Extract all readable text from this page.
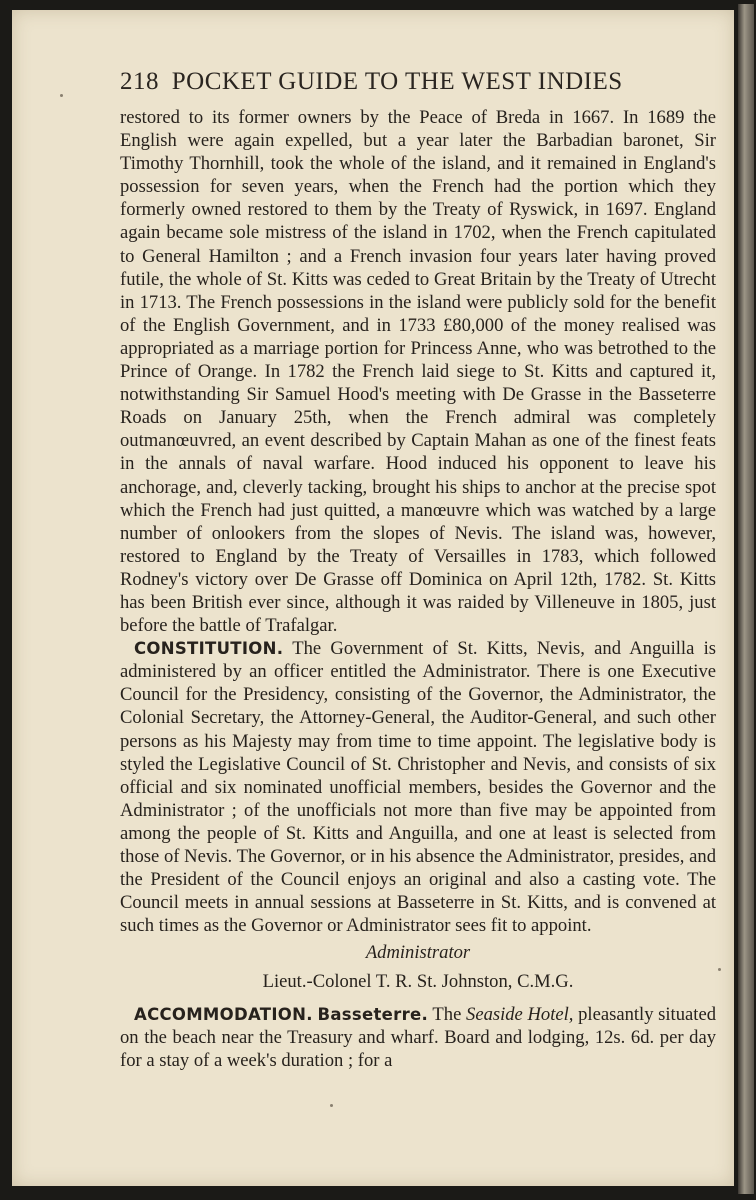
218 POCKET GUIDE TO THE WEST INDIES

restored to its former owners by the Peace of Breda in 1667. In 1689 the English were again expelled, but a year later the Barbadian baronet, Sir Timothy Thornhill, took the whole of the island, and it remained in England's possession for seven years, when the French had the portion which they formerly owned restored to them by the Treaty of Ryswick, in 1697. England again became sole mistress of the island in 1702, when the French capitulated to General Hamilton ; and a French invasion four years later having proved futile, the whole of St. Kitts was ceded to Great Britain by the Treaty of Utrecht in 1713. The French possessions in the island were publicly sold for the benefit of the English Government, and in 1733 £80,000 of the money realised was appropriated as a marriage portion for Princess Anne, who was betrothed to the Prince of Orange. In 1782 the French laid siege to St. Kitts and captured it, notwithstanding Sir Samuel Hood's meeting with De Grasse in the Basseterre Roads on January 25th, when the French admiral was completely outmanœuvred, an event described by Captain Mahan as one of the finest feats in the annals of naval warfare. Hood induced his opponent to leave his anchorage, and, cleverly tacking, brought his ships to anchor at the precise spot which the French had just quitted, a manœuvre which was watched by a large number of onlookers from the slopes of Nevis. The island was, however, restored to England by the Treaty of Versailles in 1783, which followed Rodney's victory over De Grasse off Dominica on April 12th, 1782. St. Kitts has been British ever since, although it was raided by Villeneuve in 1805, just before the battle of Trafalgar.

CONSTITUTION. The Government of St. Kitts, Nevis, and Anguilla is administered by an officer entitled the Administrator. There is one Executive Council for the Presidency, consisting of the Governor, the Administrator, the Colonial Secretary, the Attorney-General, the Auditor-General, and such other persons as his Majesty may from time to time appoint. The legislative body is styled the Legislative Council of St. Christopher and Nevis, and consists of six official and six nominated unofficial members, besides the Governor and the Administrator ; of the unofficials not more than five may be appointed from among the people of St. Kitts and Anguilla, and one at least is selected from those of Nevis. The Governor, or in his absence the Administrator, presides, and the President of the Council enjoys an original and also a casting vote. The Council meets in annual sessions at Basseterre in St. Kitts, and is convened at such times as the Governor or Administrator sees fit to appoint.

Administrator

Lieut.-Colonel T. R. St. Johnston, C.M.G.

ACCOMMODATION. Basseterre. The Seaside Hotel, pleasantly situated on the beach near the Treasury and wharf. Board and lodging, 12s. 6d. per day for a stay of a week's duration ; for a
